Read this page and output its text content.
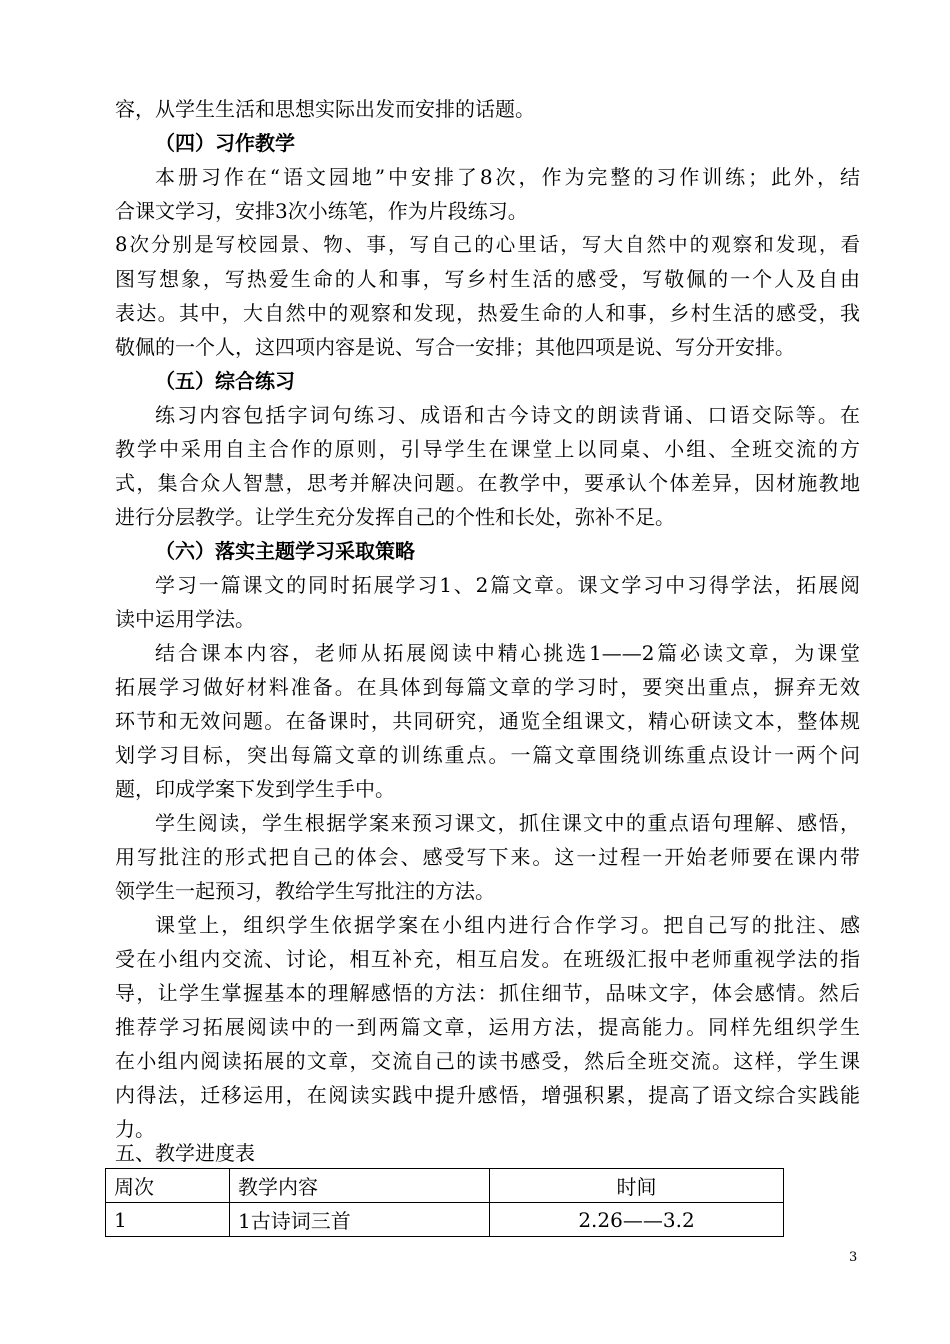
容，从学生生活和思想实际出发而安排的话题。
（四）习作教学
本册习作在“语文园地”中安排了8次，作为完整的习作训练；此外，结
合课文学习，安排3次小练笔，作为片段练习。
8次分别是写校园景、物、事，写自己的心里话，写大自然中的观察和发现，看
图写想象，写热爱生命的人和事，写乡村生活的感受，写敬佩的一个人及自由
表达。其中，大自然中的观察和发现，热爱生命的人和事，乡村生活的感受，我
敬佩的一个人，这四项内容是说、写合一安排；其他四项是说、写分开安排。
（五）综合练习
练习内容包括字词句练习、成语和古今诗文的朗读背诵、口语交际等。在
教学中采用自主合作的原则，引导学生在课堂上以同桌、小组、全班交流的方
式，集合众人智慧，思考并解决问题。在教学中，要承认个体差异，因材施教地
进行分层教学。让学生充分发挥自己的个性和长处，弥补不足。
（六）落实主题学习采取策略
学习一篇课文的同时拓展学习1、2篇文章。课文学习中习得学法，拓展阅
读中运用学法。
结合课本内容，老师从拓展阅读中精心挑选1——2篇必读文章，为课堂
拓展学习做好材料准备。在具体到每篇文章的学习时，要突出重点，摒弃无效
环节和无效问题。在备课时，共同研究，通览全组课文，精心研读文本，整体规
划学习目标，突出每篇文章的训练重点。一篇文章围绕训练重点设计一两个问
题，印成学案下发到学生手中。
学生阅读，学生根据学案来预习课文，抓住课文中的重点语句理解、感悟，
用写批注的形式把自己的体会、感受写下来。这一过程一开始老师要在课内带
领学生一起预习，教给学生写批注的方法。
课堂上，组织学生依据学案在小组内进行合作学习。把自己写的批注、感
受在小组内交流、讨论，相互补充，相互启发。在班级汇报中老师重视学法的指
导，让学生掌握基本的理解感悟的方法：抓住细节，品味文字，体会感情。然后
推荐学习拓展阅读中的一到两篇文章，运用方法，提高能力。同样先组织学生
在小组内阅读拓展的文章，交流自己的读书感受，然后全班交流。这样，学生课
内得法，迁移运用，在阅读实践中提升感悟，增强积累，提高了语文综合实践能
力。
五、教学进度表
周次	教学内容	时间
1	1古诗词三首	2.26——3.2
3
